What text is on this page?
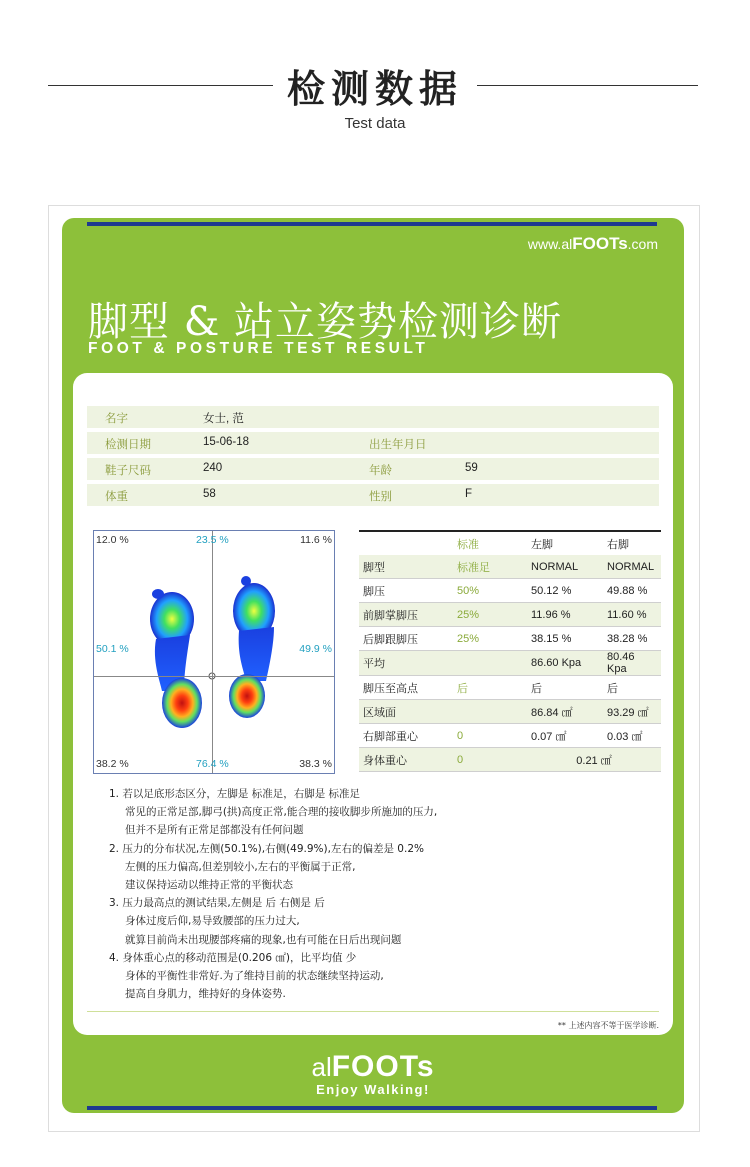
检测数据
Test data
www.alFOOTs.com
脚型 & 站立姿势检测诊断
FOOT & POSTURE TEST RESULT
名字	女士, 范
检测日期	15-06-18	出生年月日
鞋子尺码	240	年龄	59
体重	58	性别	F
12.0 %	23.5 %	11.6 %
50.1 %	49.9 %
38.2 %	76.4 %	38.3 %
	标准	左脚	右脚
脚型	标准足	NORMAL	NORMAL
脚压	50%	50.12 %	49.88 %
前脚掌脚压	25%	11.96 %	11.60 %
后脚跟脚压	25%	38.15 %	38.28 %
平均		86.60 Kpa	80.46 Kpa
脚压至高点	后	后	后
区域面		86.84 ㎠	93.29 ㎠
右脚部重心	0	0.07 ㎠	0.03 ㎠
身体重心	0	0.21 ㎠	
1. 若以足底形态区分，左脚是 标准足，右脚是 标准足
常见的正常足部,脚弓(拱)高度正常,能合理的接收脚步所施加的压力,
但并不是所有正常足部都没有任何问题
2. 压力的分布状况,左侧(50.1%),右侧(49.9%),左右的偏差是 0.2%
左侧的压力偏高,但差别较小,左右的平衡属于正常,
建议保持运动以维持正常的平衡状态
3. 压力最高点的测试结果,左侧是 后 右侧是 后
身体过度后仰,易导致腰部的压力过大,
就算目前尚未出现腰部疼痛的现象,也有可能在日后出现问题
4. 身体重心点的移动范围是(0.206 ㎠)，比平均值 少
身体的平衡性非常好.为了维持目前的状态继续坚持运动,
提高自身肌力，维持好的身体姿势.
** 上述内容不等于医学诊断.
alFOOTs
Enjoy Walking!
